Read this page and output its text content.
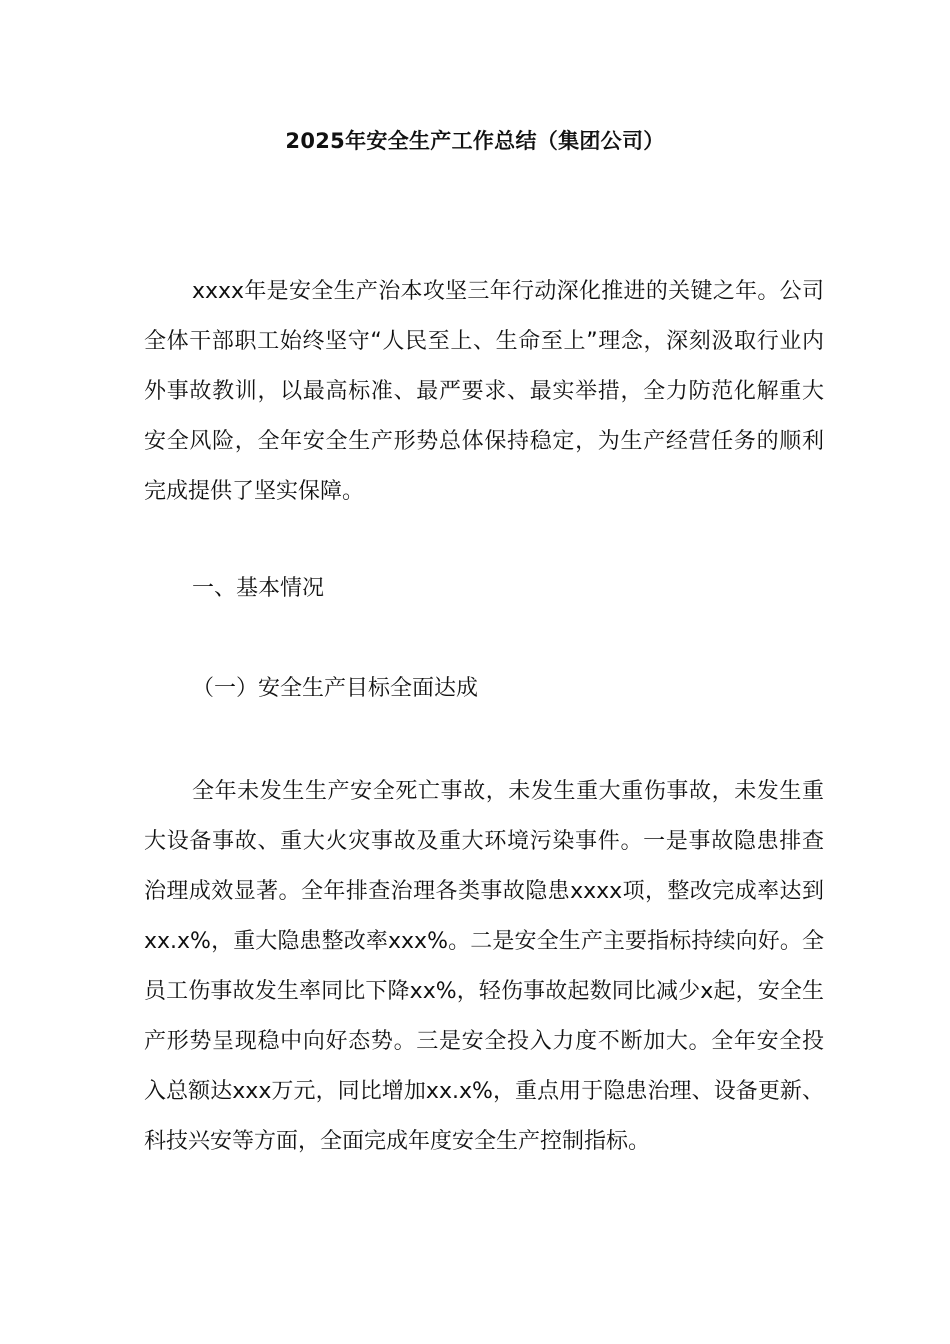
2025年安全生产工作总结（集团公司）

xxxx年是安全生产治本攻坚三年行动深化推进的关键之年。公司全体干部职工始终坚守“人民至上、生命至上”理念，深刻汲取行业内外事故教训，以最高标准、最严要求、最实举措，全力防范化解重大安全风险，全年安全生产形势总体保持稳定，为生产经营任务的顺利完成提供了坚实保障。

一、基本情况

（一）安全生产目标全面达成

全年未发生生产安全死亡事故，未发生重大重伤事故，未发生重大设备事故、重大火灾事故及重大环境污染事件。一是事故隐患排查治理成效显著。全年排查治理各类事故隐患xxxx项，整改完成率达到xx.x%，重大隐患整改率xxx%。二是安全生产主要指标持续向好。全员工伤事故发生率同比下降xx%，轻伤事故起数同比减少x起，安全生产形势呈现稳中向好态势。三是安全投入力度不断加大。全年安全投入总额达xxx万元，同比增加xx.x%，重点用于隐患治理、设备更新、科技兴安等方面，全面完成年度安全生产控制指标。
